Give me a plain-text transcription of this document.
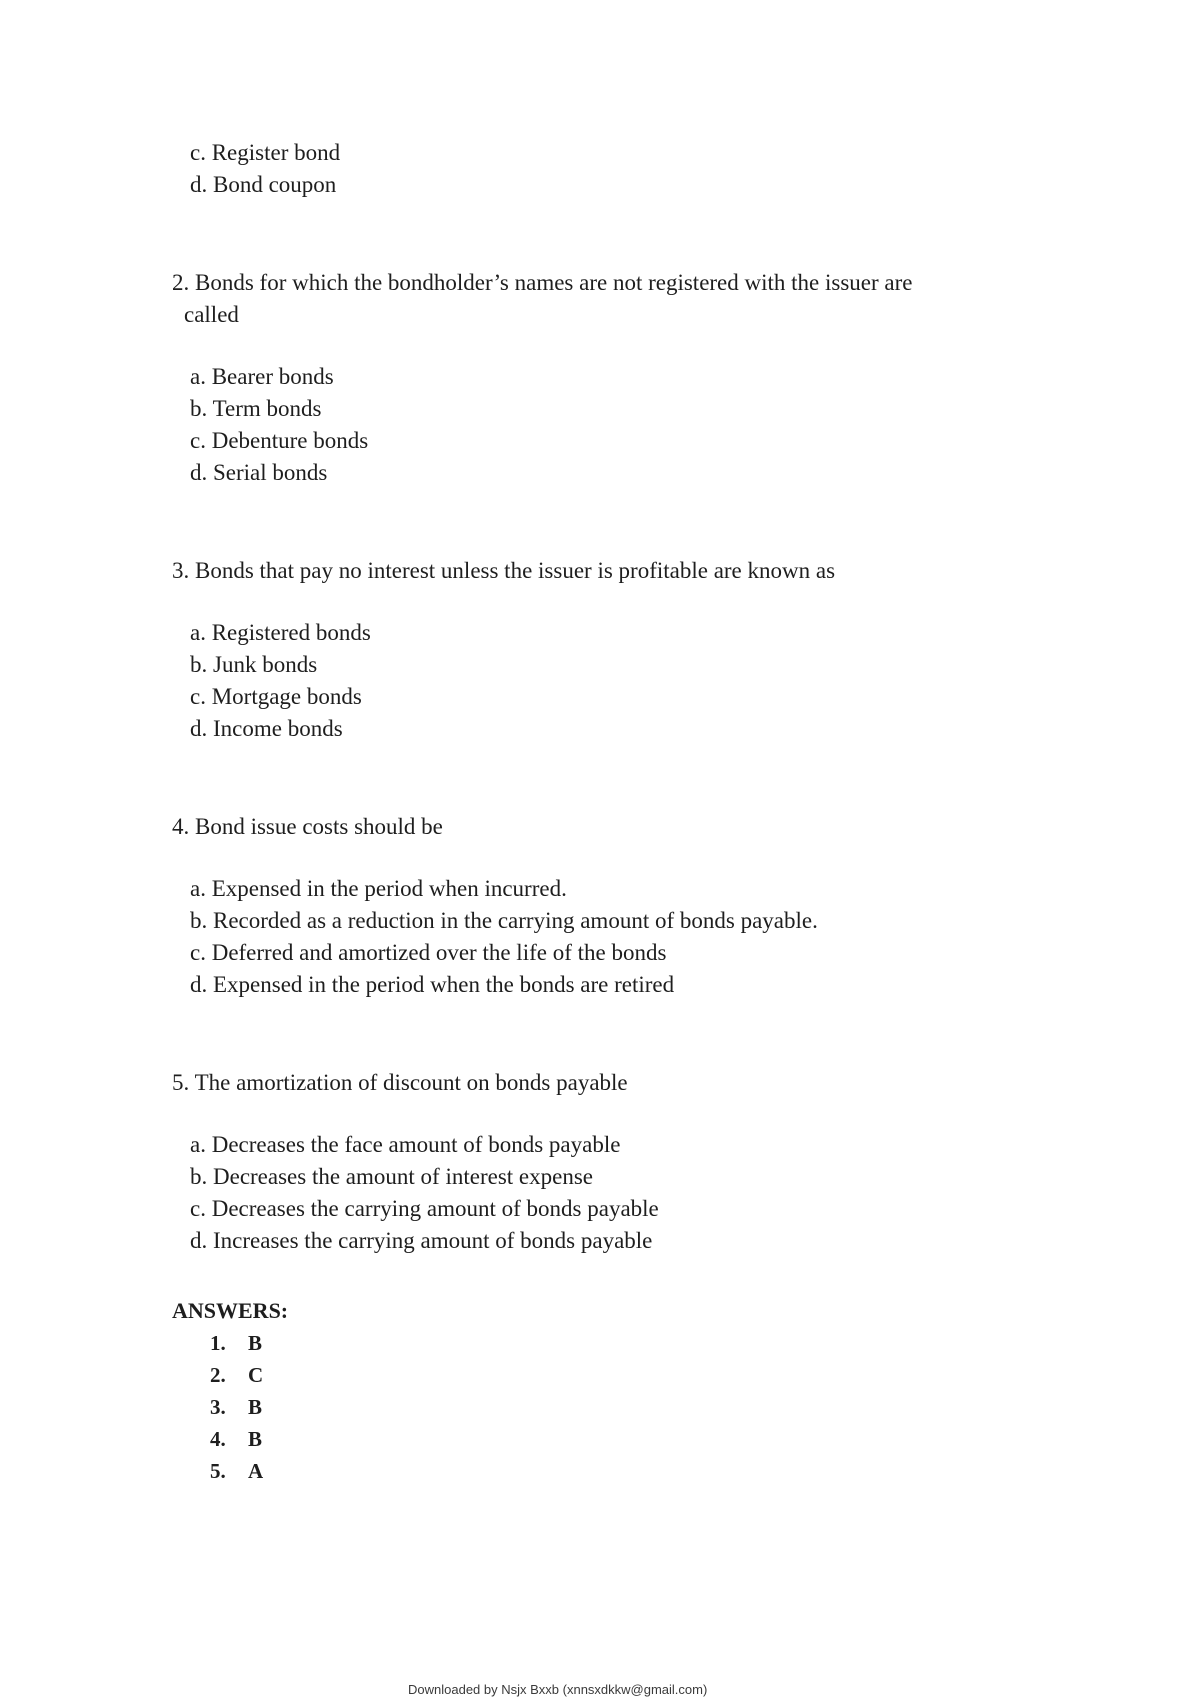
c. Register bond
d. Bond coupon
2. Bonds for which the bondholder’s names are not registered with the issuer are
called
a. Bearer bonds
b. Term bonds
c. Debenture bonds
d. Serial bonds
3. Bonds that pay no interest unless the issuer is profitable are known as
a. Registered bonds
b. Junk bonds
c. Mortgage bonds
d. Income bonds
4. Bond issue costs should be
a. Expensed in the period when incurred.
b. Recorded as a reduction in the carrying amount of bonds payable.
c. Deferred and amortized over the life of the bonds
d. Expensed in the period when the bonds are retired
5. The amortization of discount on bonds payable
a. Decreases the face amount of bonds payable
b. Decreases the amount of interest expense
c. Decreases the carrying amount of bonds payable
d. Increases the carrying amount of bonds payable
ANSWERS:
1. B
2. C
3. B
4. B
5. A
Downloaded by Nsjx Bxxb (xnnsxdkkw@gmail.com)
